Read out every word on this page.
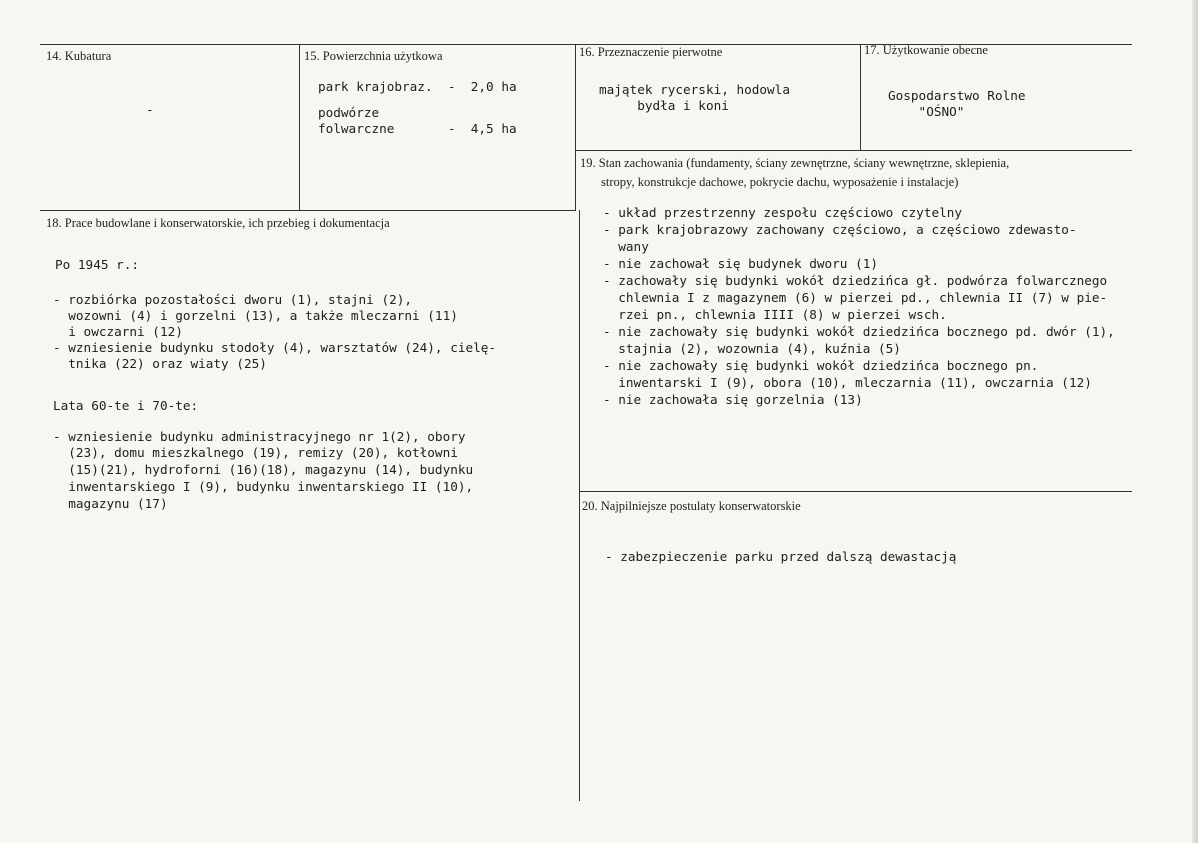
14. Kubatura
-
15. Powierzchnia użytkowa
park krajobraz.  -  2,0 ha
podwórze
folwarczne       -  4,5 ha
16. Przeznaczenie pierwotne
majątek rycerski, hodowla
bydła i koni
17. Użytkowanie obecne
Gospodarstwo Rolne
"OŚNO"
18. Prace budowlane i konserwatorskie, ich przebieg i dokumentacja
Po 1945 r.:
- rozbiórka pozostałości dworu (1), stajni (2),
wozowni (4) i gorzelni (13), a także mleczarni (11)
i owczarni (12)
- wzniesienie budynku stodoły (4), warsztatów (24), cielę-
tnika (22) oraz wiaty (25)
Lata 60-te i 70-te:
- wzniesienie budynku administracyjnego nr 1(2), obory
(23), domu mieszkalnego (19), remizy (20), kotłowni
(15)(21), hydroforni (16)(18), magazynu (14), budynku
inwentarskiego I (9), budynku inwentarskiego II (10),
magazynu (17)
19. Stan zachowania (fundamenty, ściany zewnętrzne, ściany wewnętrzne, sklepienia,
stropy, konstrukcje dachowe, pokrycie dachu, wyposażenie i instalacje)
- układ przestrzenny zespołu częściowo czytelny
- park krajobrazowy zachowany częściowo, a częściowo zdewasto-
wany
- nie zachował się budynek dworu (1)
- zachowały się budynki wokół dziedzińca gł. podwórza folwarcznego
chlewnia I z magazynem (6) w pierzei pd., chlewnia II (7) w pie-
rzei pn., chlewnia IIII (8) w pierzei wsch.
- nie zachowały się budynki wokół dziedzińca bocznego pd. dwór (1),
stajnia (2), wozownia (4), kuźnia (5)
- nie zachowały się budynki wokół dziedzińca bocznego pn.
inwentarski I (9), obora (10), mleczarnia (11), owczarnia (12)
- nie zachowała się gorzelnia (13)
20. Najpilniejsze postulaty konserwatorskie
- zabezpieczenie parku przed dalszą dewastacją
